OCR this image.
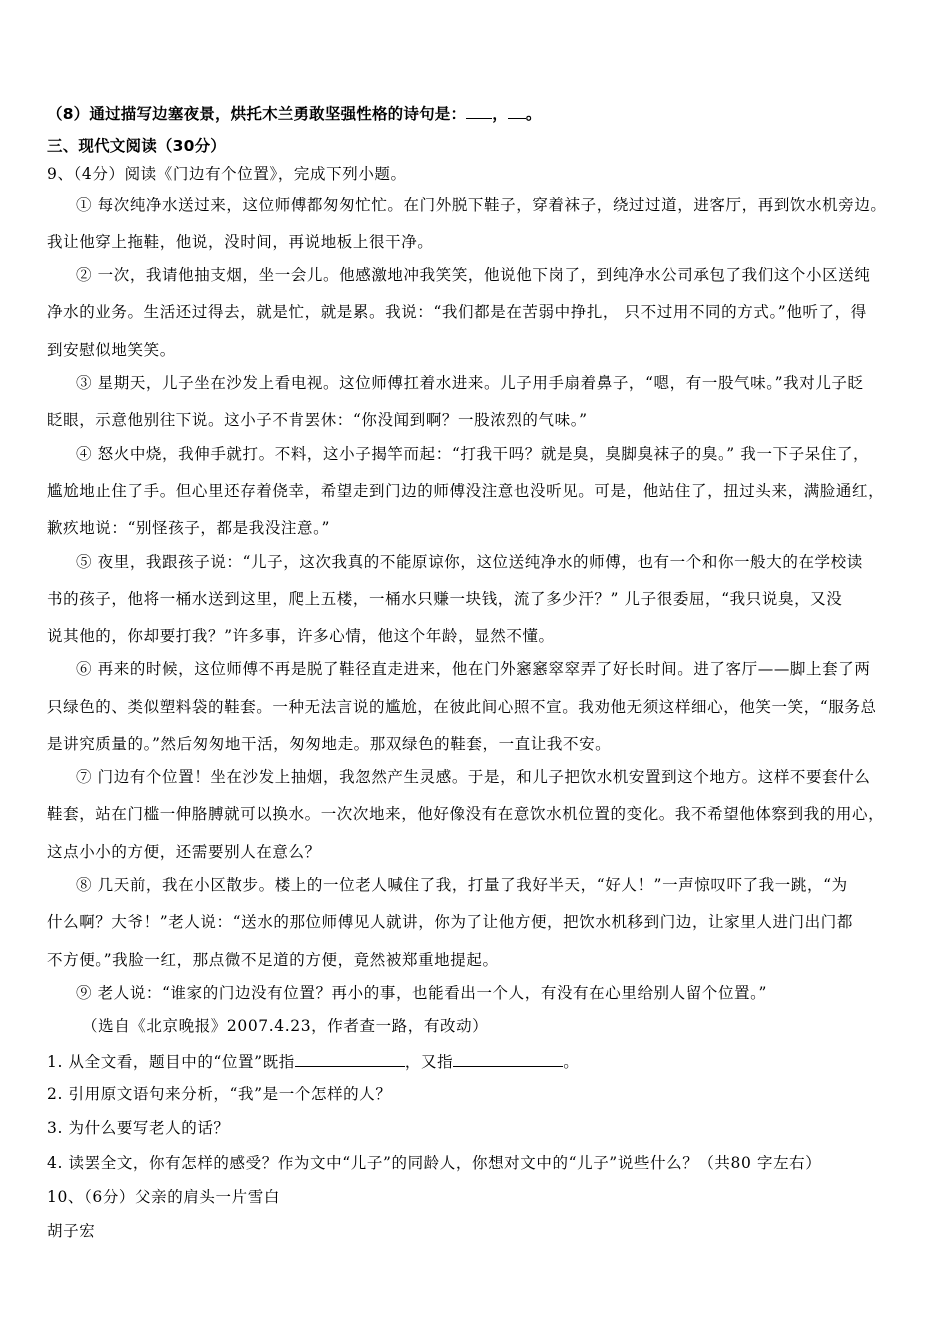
（8）通过描写边塞夜景，烘托木兰勇敢坚强性格的诗句是： ， 。
三、现代文阅读（30分）
9、（4分）阅读《门边有个位置》，完成下列小题。
① 每次纯净水送过来，这位师傅都匆匆忙忙。在门外脱下鞋子，穿着袜子，绕过过道，进客厅，再到饮水机旁边。
我让他穿上拖鞋，他说，没时间，再说地板上很干净。
② 一次，我请他抽支烟，坐一会儿。他感激地冲我笑笑，他说他下岗了，到纯净水公司承包了我们这个小区送纯
净水的业务。生活还过得去，就是忙，就是累。我说：“我们都是在苦弱中挣扎， 只不过用不同的方式。”他听了，得
到安慰似地笑笑。
③ 星期天，儿子坐在沙发上看电视。这位师傅扛着水进来。儿子用手扇着鼻子，“嗯，有一股气味。”我对儿子眨
眨眼，示意他别往下说。这小子不肯罢休：“你没闻到啊？一股浓烈的气味。”
④ 怒火中烧，我伸手就打。不料，这小子揭竿而起：“打我干吗？就是臭，臭脚臭袜子的臭。” 我一下子呆住了，
尴尬地止住了手。但心里还存着侥幸，希望走到门边的师傅没注意也没听见。可是，他站住了，扭过头来，满脸通红，
歉疚地说：“别怪孩子，都是我没注意。”
⑤ 夜里，我跟孩子说：“儿子，这次我真的不能原谅你，这位送纯净水的师傅，也有一个和你一般大的在学校读
书的孩子，他将一桶水送到这里，爬上五楼，一桶水只赚一块钱，流了多少汗？” 儿子很委屈，“我只说臭，又没
说其他的，你却要打我？”许多事，许多心情，他这个年龄，显然不懂。
⑥ 再来的时候，这位师傅不再是脱了鞋径直走进来，他在门外窸窸窣窣弄了好长时间。进了客厅——脚上套了两
只绿色的、类似塑料袋的鞋套。一种无法言说的尴尬，在彼此间心照不宣。我劝他无须这样细心，他笑一笑，“服务总
是讲究质量的。”然后匆匆地干活，匆匆地走。那双绿色的鞋套，一直让我不安。
⑦ 门边有个位置！坐在沙发上抽烟，我忽然产生灵感。于是，和儿子把饮水机安置到这个地方。这样不要套什么
鞋套，站在门槛一伸胳膊就可以换水。一次次地来，他好像没有在意饮水机位置的变化。我不希望他体察到我的用心，
这点小小的方便，还需要别人在意么？
⑧ 几天前，我在小区散步。楼上的一位老人喊住了我，打量了我好半天，“好人！”一声惊叹吓了我一跳，“为
什么啊？大爷！”老人说：“送水的那位师傅见人就讲，你为了让他方便，把饮水机移到门边，让家里人进门出门都
不方便。”我脸一红，那点微不足道的方便，竟然被郑重地提起。
⑨ 老人说：“谁家的门边没有位置？再小的事，也能看出一个人，有没有在心里给别人留个位置。”
（选自《北京晚报》2007.4.23，作者查一路，有改动）
1. 从全文看，题目中的“位置”既指	，又指	。
2. 引用原文语句来分析，“我”是一个怎样的人？
3. 为什么要写老人的话？
4. 读罢全文，你有怎样的感受？作为文中“儿子”的同龄人，你想对文中的“儿子”说些什么？（共80 字左右）
10、（6分）父亲的肩头一片雪白
胡子宏
